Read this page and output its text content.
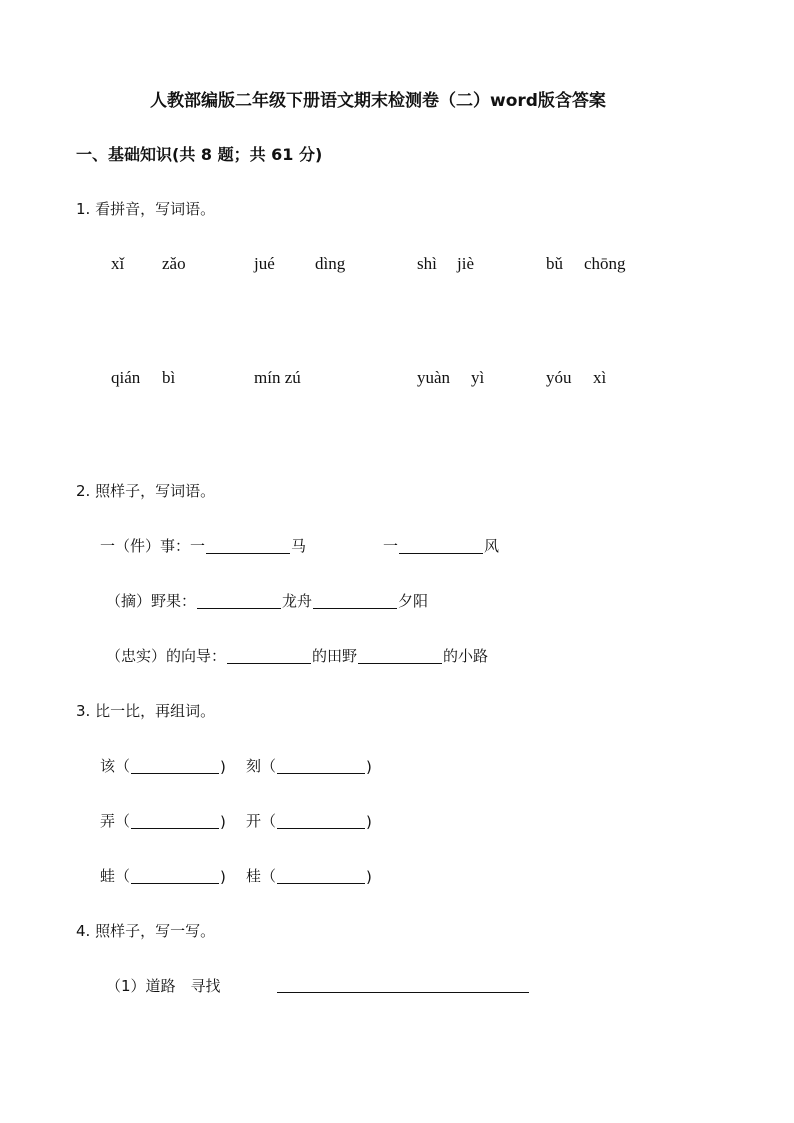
人教部编版二年级下册语文期末检测卷（二）word版含答案
一、基础知识(共 8 题；共 61 分)
1. 看拼音，写词语。
xǐ zǎo	jué dìng	shì jiè	bǔ chōng
qián bì	mín zú	yuàn yì	yóu xì
2. 照样子，写词语。
一（件）事：一	马	一	风
（摘）野果：	龙舟	夕阳
（忠实）的向导：	的田野	的小路
3. 比一比，再组词。
该 （	) 刻 （	)
弄 （	) 开 （	)
蛙 （	) 桂 （	)
4. 照样子，写一写。
（1）道路　寻找
